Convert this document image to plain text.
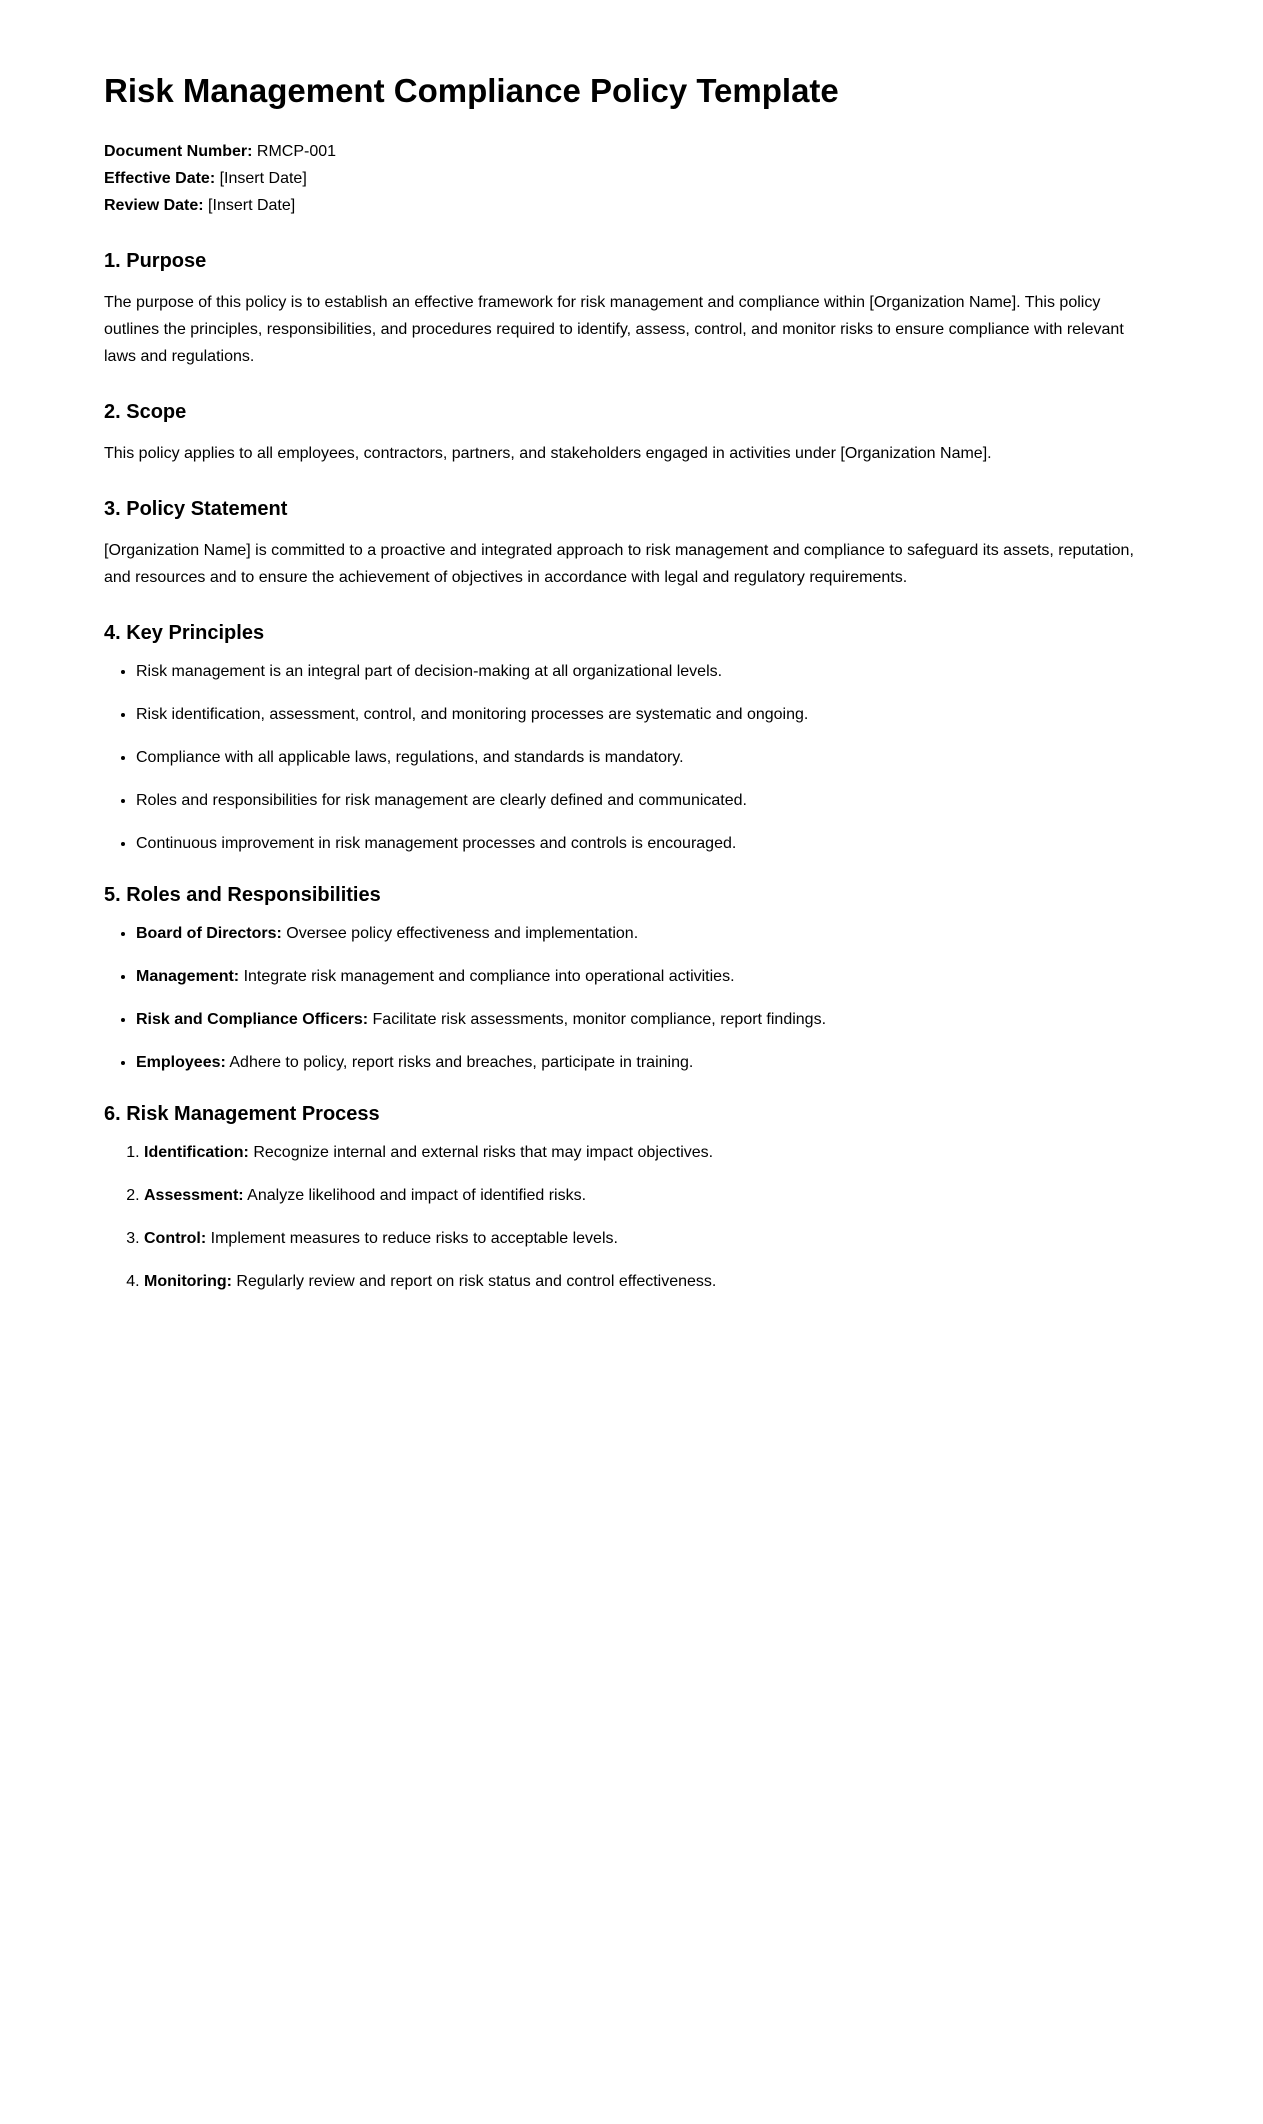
Risk Management Compliance Policy Template

Document Number: RMCP-001

Effective Date: [Insert Date]

Review Date: [Insert Date]

1. Purpose

The purpose of this policy is to establish an effective framework for risk management and compliance within [Organization Name]. This policy outlines the principles, responsibilities, and procedures required to identify, assess, control, and monitor risks to ensure compliance with relevant laws and regulations.

2. Scope

This policy applies to all employees, contractors, partners, and stakeholders engaged in activities under [Organization Name].

3. Policy Statement

[Organization Name] is committed to a proactive and integrated approach to risk management and compliance to safeguard its assets, reputation, and resources and to ensure the achievement of objectives in accordance with legal and regulatory requirements.

4. Key Principles
• Risk management is an integral part of decision-making at all organizational levels.
• Risk identification, assessment, control, and monitoring processes are systematic and ongoing.
• Compliance with all applicable laws, regulations, and standards is mandatory.
• Roles and responsibilities for risk management are clearly defined and communicated.
• Continuous improvement in risk management processes and controls is encouraged.
5. Roles and Responsibilities
• Board of Directors: Oversee policy effectiveness and implementation.
• Management: Integrate risk management and compliance into operational activities.
• Risk and Compliance Officers: Facilitate risk assessments, monitor compliance, report findings.
• Employees: Adhere to policy, report risks and breaches, participate in training.
6. Risk Management Process
1. Identification: Recognize internal and external risks that may impact objectives.
2. Assessment: Analyze likelihood and impact of identified risks.
3. Control: Implement measures to reduce risks to acceptable levels.
4. Monitoring: Regularly review and report on risk status and control effectiveness.
